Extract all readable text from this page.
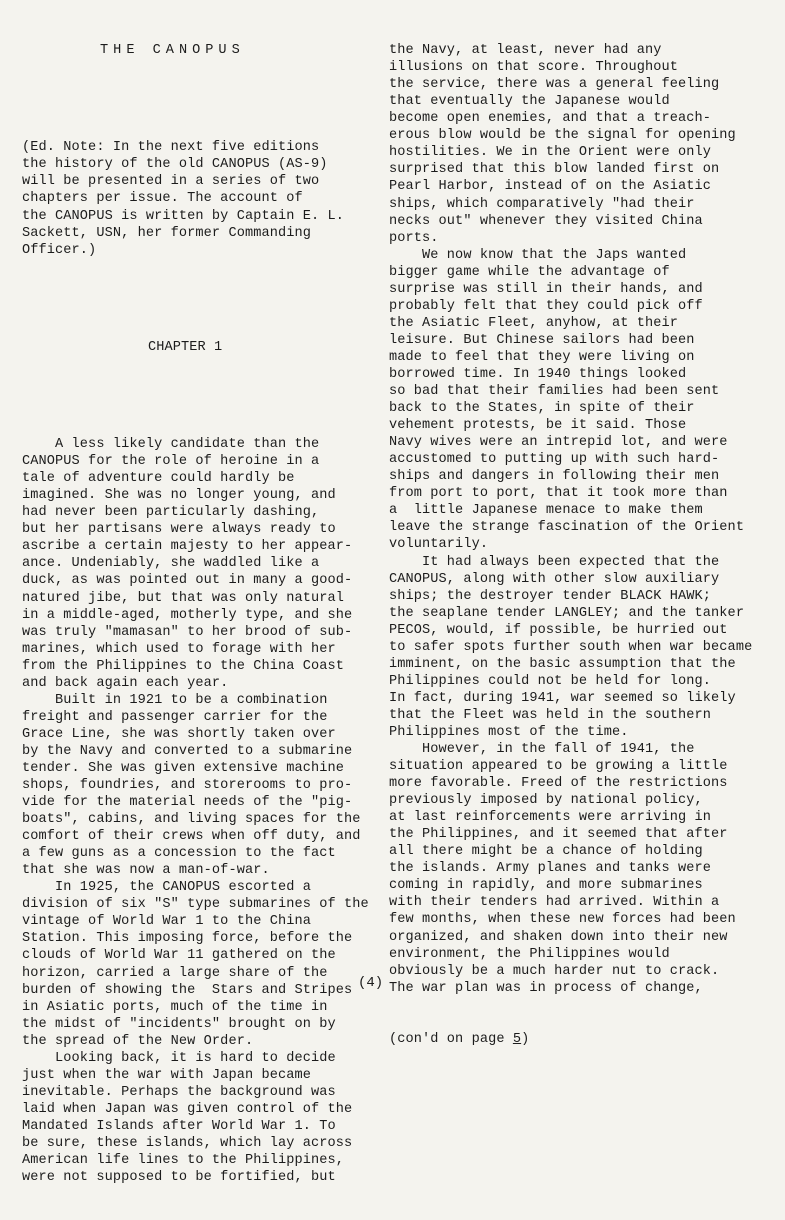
THE CANOPUS

(Ed. Note: In the next five editions
the history of the old CANOPUS (AS-9)
will be presented in a series of two
chapters per issue. The account of
the CANOPUS is written by Captain E. L.
Sackett, USN, her former Commanding
Officer.)

CHAPTER 1

A less likely candidate than the
CANOPUS for the role of heroine in a
tale of adventure could hardly be
imagined. She was no longer young, and
had never been particularly dashing,
but her partisans were always ready to
ascribe a certain majesty to her appear-
ance. Undeniably, she waddled like a
duck, as was pointed out in many a good-
natured jibe, but that was only natural
in a middle-aged, motherly type, and she
was truly "mamasan" to her brood of sub-
marines, which used to forage with her
from the Philippines to the China Coast
and back again each year.
Built in 1921 to be a combination
freight and passenger carrier for the
Grace Line, she was shortly taken over
by the Navy and converted to a submarine
tender. She was given extensive machine
shops, foundries, and storerooms to pro-
vide for the material needs of the "pig-
boats", cabins, and living spaces for the
comfort of their crews when off duty, and
a few guns as a concession to the fact
that she was now a man-of-war.
In 1925, the CANOPUS escorted a
division of six "S" type submarines of the
vintage of World War 1 to the China
Station. This imposing force, before the
clouds of World War 11 gathered on the
horizon, carried a large share of the
burden of showing the  Stars and Stripes
in Asiatic ports, much of the time in
the midst of "incidents" brought on by
the spread of the New Order.
Looking back, it is hard to decide
just when the war with Japan became
inevitable. Perhaps the background was
laid when Japan was given control of the
Mandated Islands after World War 1. To
be sure, these islands, which lay across
American life lines to the Philippines,
were not supposed to be fortified, but

the Navy, at least, never had any
illusions on that score. Throughout
the service, there was a general feeling
that eventually the Japanese would
become open enemies, and that a treach-
erous blow would be the signal for opening
hostilities. We in the Orient were only
surprised that this blow landed first on
Pearl Harbor, instead of on the Asiatic
ships, which comparatively "had their
necks out" whenever they visited China
ports.
We now know that the Japs wanted
bigger game while the advantage of
surprise was still in their hands, and
probably felt that they could pick off
the Asiatic Fleet, anyhow, at their
leisure. But Chinese sailors had been
made to feel that they were living on
borrowed time. In 1940 things looked
so bad that their families had been sent
back to the States, in spite of their
vehement protests, be it said. Those
Navy wives were an intrepid lot, and were
accustomed to putting up with such hard-
ships and dangers in following their men
from port to port, that it took more than
a  little Japanese menace to make them
leave the strange fascination of the Orient
voluntarily.
It had always been expected that the
CANOPUS, along with other slow auxiliary
ships; the destroyer tender BLACK HAWK;
the seaplane tender LANGLEY; and the tanker
PECOS, would, if possible, be hurried out
to safer spots further south when war became
imminent, on the basic assumption that the
Philippines could not be held for long.
In fact, during 1941, war seemed so likely
that the Fleet was held in the southern
Philippines most of the time.
However, in the fall of 1941, the
situation appeared to be growing a little
more favorable. Freed of the restrictions
previously imposed by national policy,
at last reinforcements were arriving in
the Philippines, and it seemed that after
all there might be a chance of holding
the islands. Army planes and tanks were
coming in rapidly, and more submarines
with their tenders had arrived. Within a
few months, when these new forces had been
organized, and shaken down into their new
environment, the Philippines would
obviously be a much harder nut to crack.
The war plan was in process of change,

(con'd on page 5)

(4)
